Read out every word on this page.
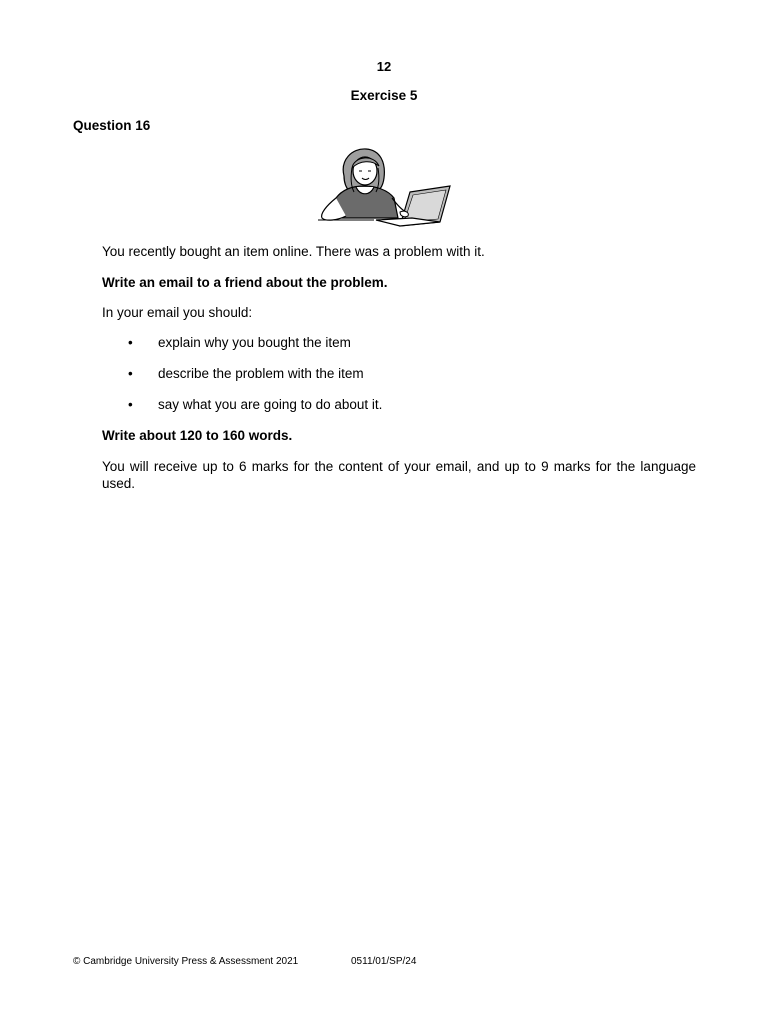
12
Exercise 5
Question 16
You recently bought an item online. There was a problem with it.
Write an email to a friend about the problem.
In your email you should:
• explain why you bought the item
• describe the problem with the item
• say what you are going to do about it.
Write about 120 to 160 words.
You will receive up to 6 marks for the content of your email, and up to 9 marks for the language used.
© Cambridge University Press & Assessment 2021	0511/01/SP/24
